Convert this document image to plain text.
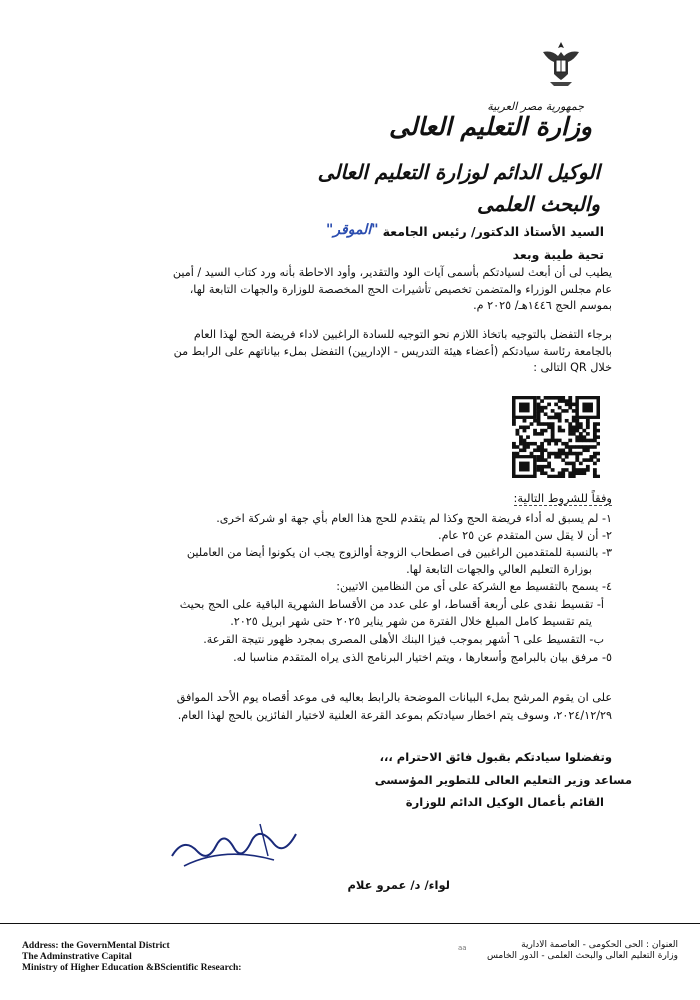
جمهورية مصر العربية
وزارة التعليم العالى
الوكيل الدائم لوزارة التعليم العالى
والبحث العلمى
السيد الأستاذ الدكتور/ رئيس الجامعة
"الموقر"
تحية طيبة وبعد
يطيب لى أن أبعث لسيادتكم بأسمى آيات الود والتقدير، وأود الاحاطة بأنه ورد كتاب السيد / أمين
عام مجلس الوزراء والمتضمن تخصيص تأشيرات الحج المخصصة للوزارة والجهات التابعة لها،
بموسم الحج ١٤٤٦هـ/ ٢٠٢٥ م.
برجاء التفضل بالتوجيه باتخاذ اللازم نحو التوجيه للسادة الراغبين لاداء فريضة الحج لهذا العام
بالجامعة رئاسة سيادتكم (أعضاء هيئة التدريس - الإداريين) التفضل بملء بياناتهم على الرابط من
خلال QR التالى :
وفقاً للشروط التالية:
١- لم يسبق له أداء فريضة الحج وكذا لم يتقدم للحج هذا العام بأي جهة او شركة اخرى.
٢- أن لا يقل سن المتقدم عن ٢٥ عام.
٣- بالنسبة للمتقدمين الراغبين فى اصطحاب الزوجة أوالزوج يجب ان يكونوا أيضا من العاملين
بوزارة التعليم العالي والجهات التابعة لها.
٤- يسمح بالتقسيط مع الشركة على أى من النظامين الاتيين:
أ- تقسيط نقدى على أربعة أقساط، او على عدد من الأقساط الشهرية الباقية على الحج بحيث
يتم تقسيط كامل المبلغ خلال الفترة من شهر يناير ٢٠٢٥ حتى شهر ابريل ٢٠٢٥.
ب- التقسيط على ٦ أشهر بموجب فيزا البنك الأهلى المصرى بمجرد ظهور نتيجة القرعة.
٥- مرفق بيان بالبرامج وأسعارها ، ويتم اختيار البرنامج الذى يراه المتقدم مناسبا له.
على ان يقوم المرشح بملء البيانات الموضحة بالرابط بعاليه فى موعد أقصاه يوم الأحد الموافق
٢٠٢٤/١٢/٢٩، وسوف يتم اخطار سيادتكم بموعد القرعة العلنية لاختيار الفائزين بالحج لهذا العام.
وتفضلوا سيادتكم بقبول فائق الاحترام ،،،
مساعد وزير التعليم العالى للتطوير المؤسسى
القائم بأعمال الوكيل الدائم للوزارة
لواء/ د/ عمرو علام
Address: the GovernMental District
The Adminstrative Capital
Ministry of Higher Education &BScientific Research:
aa	العنوان : الحى الحكومى - العاصمة الادارية
وزارة التعليم العالى والبحث العلمى - الدور الخامس
